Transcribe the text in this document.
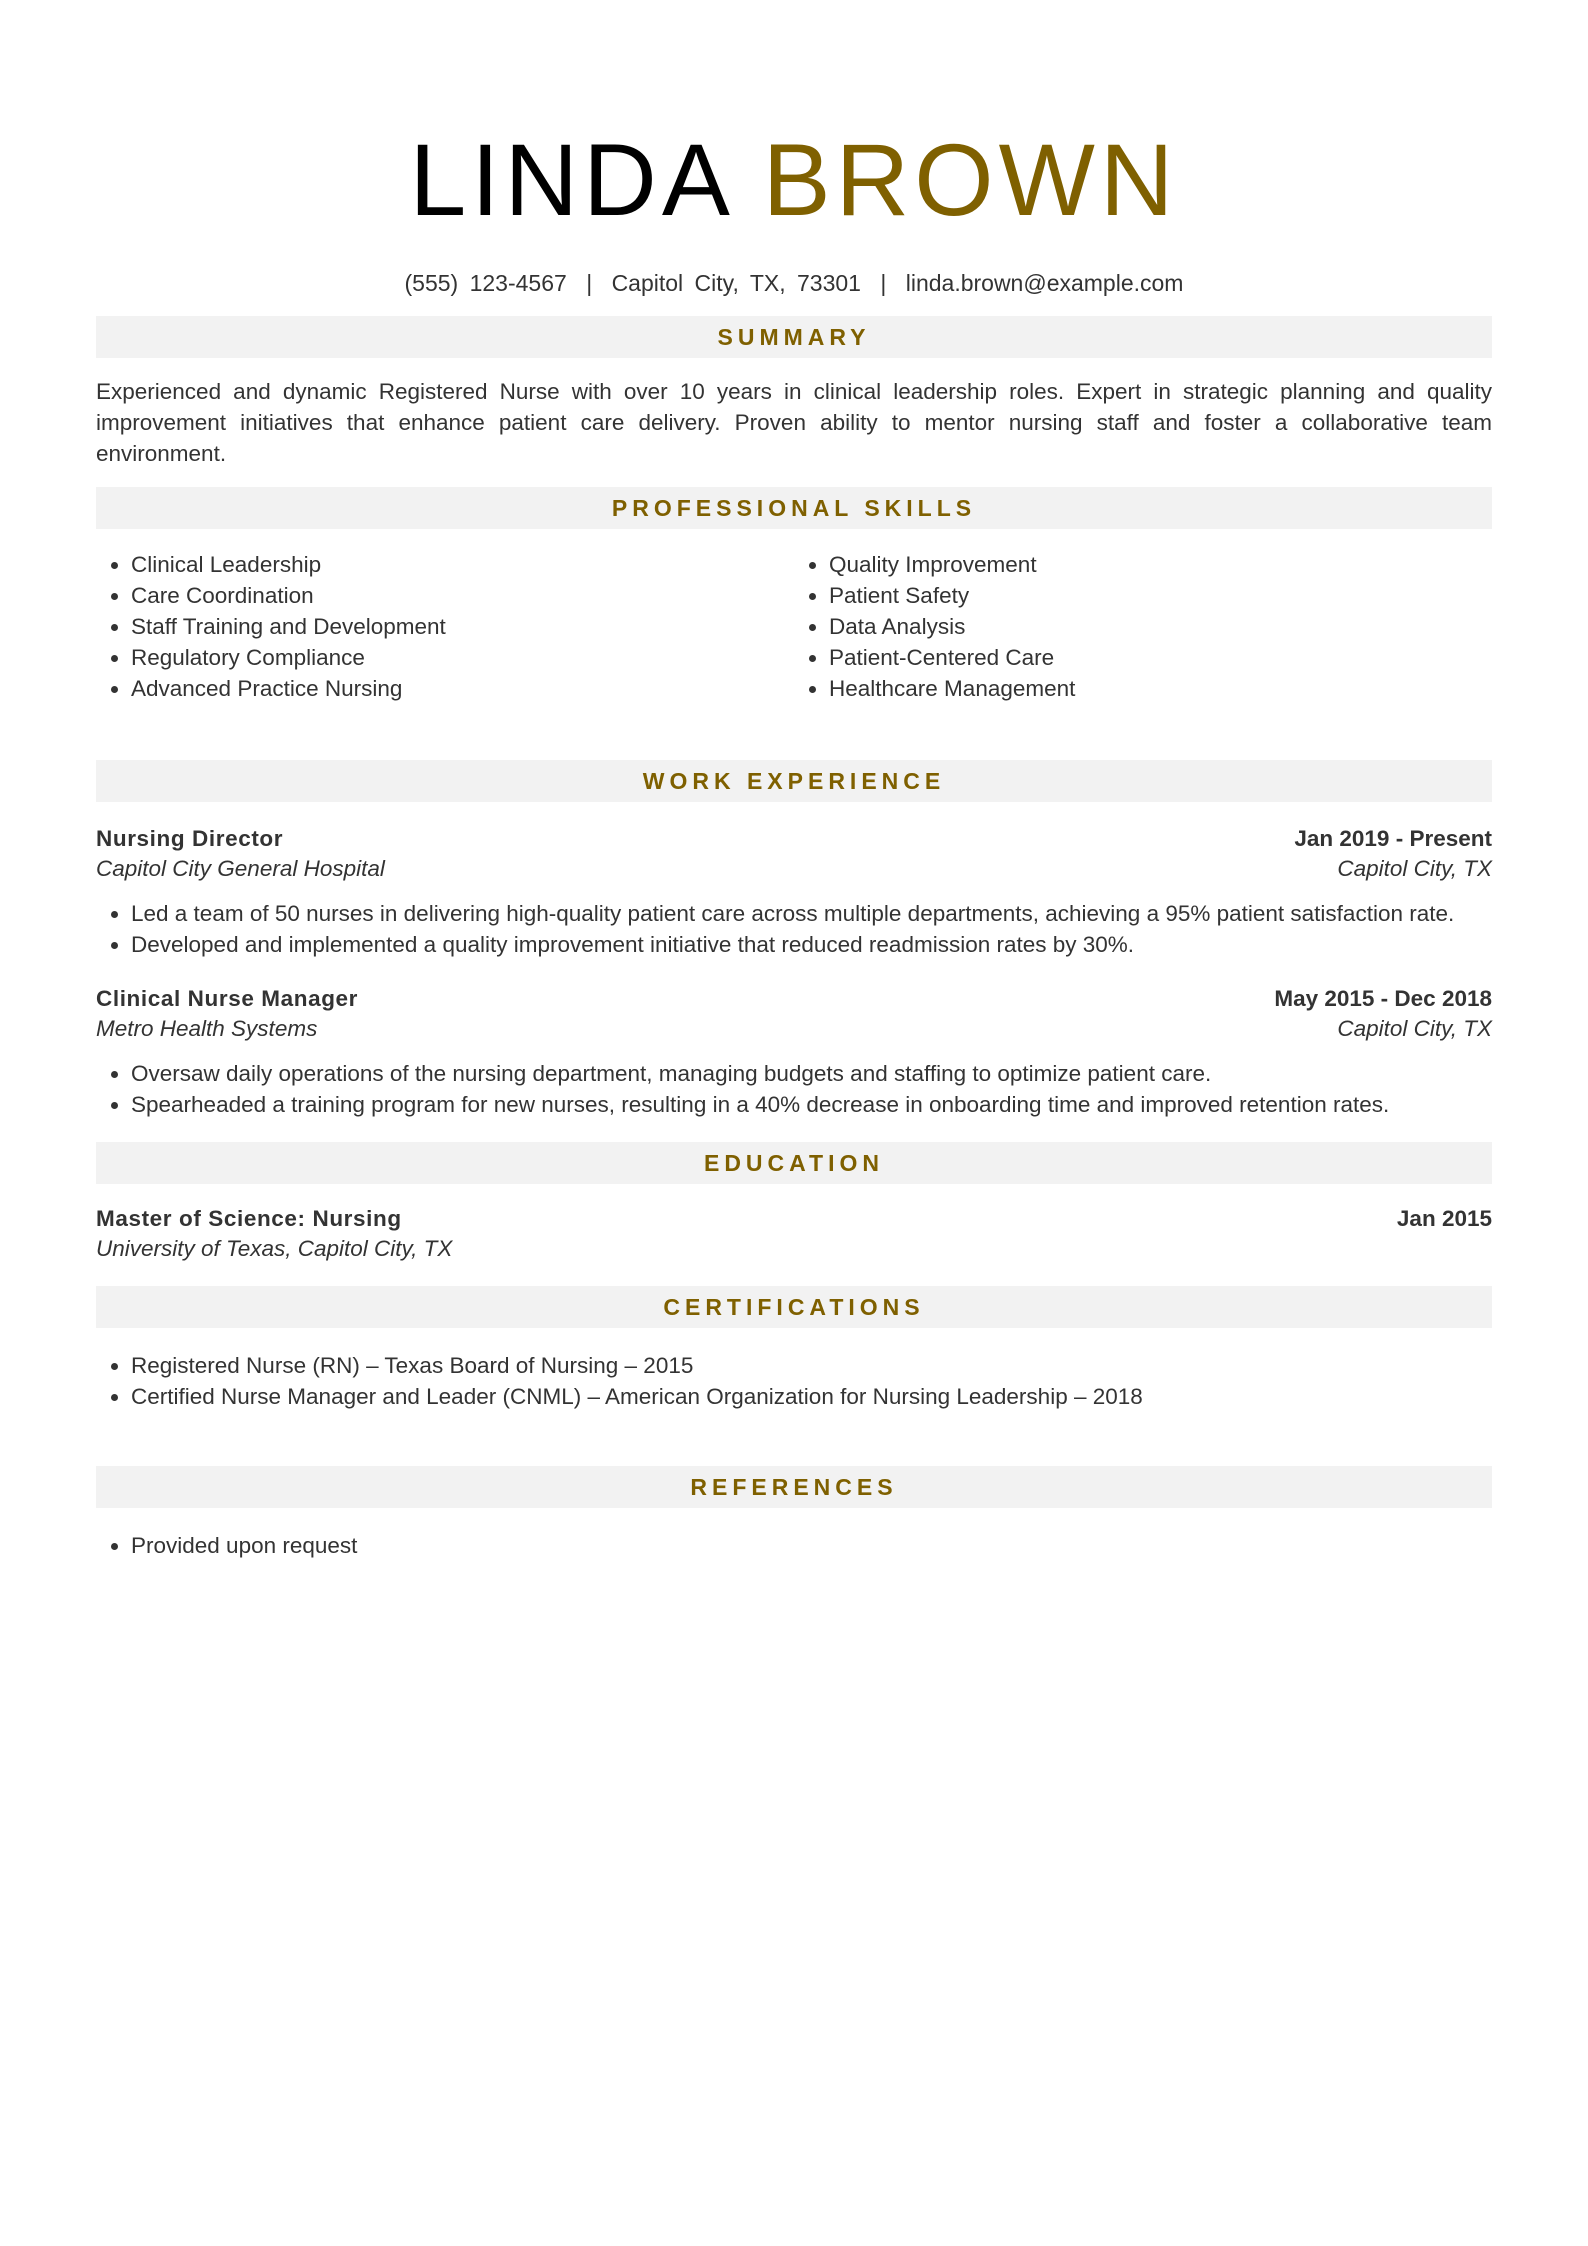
LINDA BROWN
(555) 123-4567 | Capitol City, TX, 73301 | linda.brown@example.com
SUMMARY

Experienced and dynamic Registered Nurse with over 10 years in clinical leadership roles. Expert in strategic planning and quality improvement initiatives that enhance patient care delivery. Proven ability to mentor nursing staff and foster a collaborative team environment.

PROFESSIONAL SKILLS
• Clinical Leadership
• Care Coordination
• Staff Training and Development
• Regulatory Compliance
• Advanced Practice Nursing
• Quality Improvement
• Patient Safety
• Data Analysis
• Patient-Centered Care
• Healthcare Management
WORK EXPERIENCE
Nursing Director	Jan 2019 - Present
Capitol City General Hospital	Capitol City, TX
• Led a team of 50 nurses in delivering high-quality patient care across multiple departments, achieving a 95% patient satisfaction rate.
• Developed and implemented a quality improvement initiative that reduced readmission rates by 30%.
Clinical Nurse Manager	May 2015 - Dec 2018
Metro Health Systems	Capitol City, TX
• Oversaw daily operations of the nursing department, managing budgets and staffing to optimize patient care.
• Spearheaded a training program for new nurses, resulting in a 40% decrease in onboarding time and improved retention rates.
EDUCATION
Master of Science: Nursing	Jan 2015
University of Texas, Capitol City, TX
CERTIFICATIONS
• Registered Nurse (RN) – Texas Board of Nursing – 2015
• Certified Nurse Manager and Leader (CNML) – American Organization for Nursing Leadership – 2018
REFERENCES
• Provided upon request
